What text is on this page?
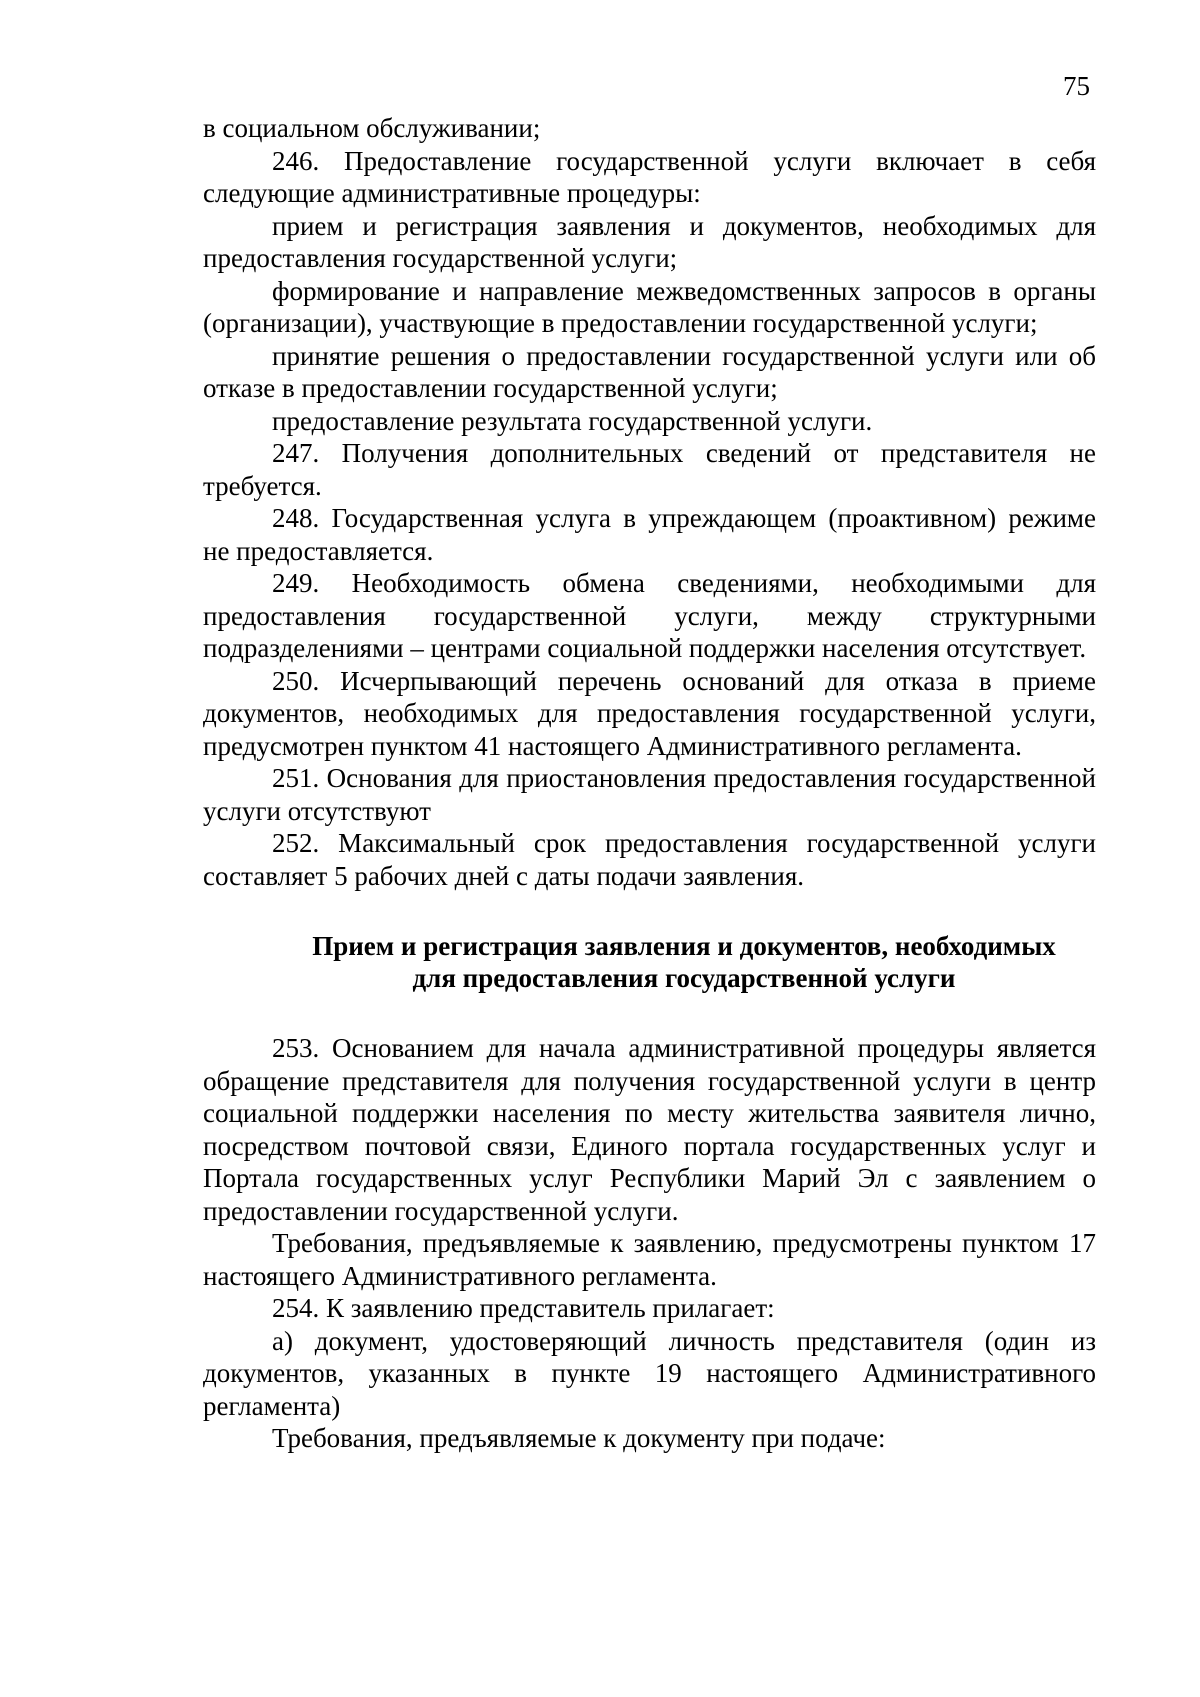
75

в социальном обслуживании;

246. Предоставление государственной услуги включает в себя следующие административные процедуры:

прием и регистрация заявления и документов, необходимых для предоставления государственной услуги;

формирование и направление межведомственных запросов в органы (организации), участвующие в предоставлении государственной услуги;

принятие решения о предоставлении государственной услуги или об отказе в предоставлении государственной услуги;

предоставление результата государственной услуги.

247. Получения дополнительных сведений от представителя не требуется.

248. Государственная услуга в упреждающем (проактивном) режиме не предоставляется.

249. Необходимость обмена сведениями, необходимыми для предоставления государственной услуги, между структурными подразделениями – центрами социальной поддержки населения отсутствует.

250. Исчерпывающий перечень оснований для отказа в приеме документов, необходимых для предоставления государственной услуги, предусмотрен пунктом 41 настоящего Административного регламента.

251. Основания для приостановления предоставления государственной услуги отсутствуют

252. Максимальный срок предоставления государственной услуги составляет 5 рабочих дней с даты подачи заявления.

Прием и регистрация заявления и документов, необходимых
для предоставления государственной услуги

253. Основанием для начала административной процедуры является обращение представителя для получения государственной услуги в центр социальной поддержки населения по месту жительства заявителя лично, посредством почтовой связи, Единого портала государственных услуг и Портала государственных услуг Республики Марий Эл с заявлением о предоставлении государственной услуги.

Требования, предъявляемые к заявлению, предусмотрены пунктом 17 настоящего Административного регламента.

254. К заявлению представитель прилагает:

а) документ, удостоверяющий личность представителя (один из документов, указанных в пункте 19 настоящего Административного регламента)

Требования, предъявляемые к документу при подаче:
